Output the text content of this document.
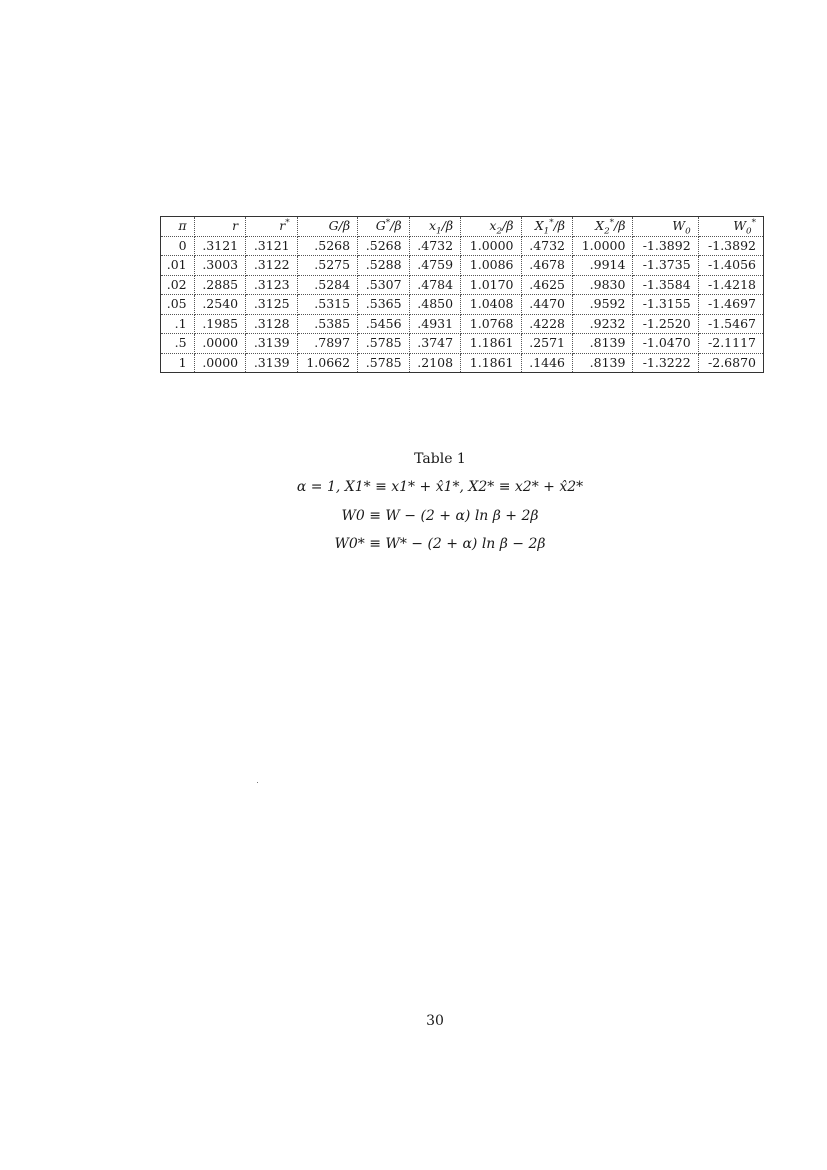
π	r	r*	G/β	G*/β	$x_1/\beta$	$x_2/\beta$	$X_1^*/\beta$	$X_2^*/\beta$	$W_0$	$W_0^*$
0	.3121	.3121	.5268	.5268	.4732	1.0000	.4732	1.0000	-1.3892	-1.3892
.01	.3003	.3122	.5275	.5288	.4759	1.0086	.4678	.9914	-1.3735	-1.4056
.02	.2885	.3123	.5284	.5307	.4784	1.0170	.4625	.9830	-1.3584	-1.4218
.05	.2540	.3125	.5315	.5365	.4850	1.0408	.4470	.9592	-1.3155	-1.4697
.1	.1985	.3128	.5385	.5456	.4931	1.0768	.4228	.9232	-1.2520	-1.5467
.5	.0000	.3139	.7897	.5785	.3747	1.1861	.2571	.8139	-1.0470	-2.1117
1	.0000	.3139	1.0662	.5785	.2108	1.1861	.1446	.8139	-1.3222	-2.6870
Table 1
α = 1, X1* ≡ x1* + x̂1*, X2* ≡ x2* + x̂2*
W0 ≡ W − (2 + α) ln β + 2β
W0* ≡ W* − (2 + α) ln β − 2β
30
